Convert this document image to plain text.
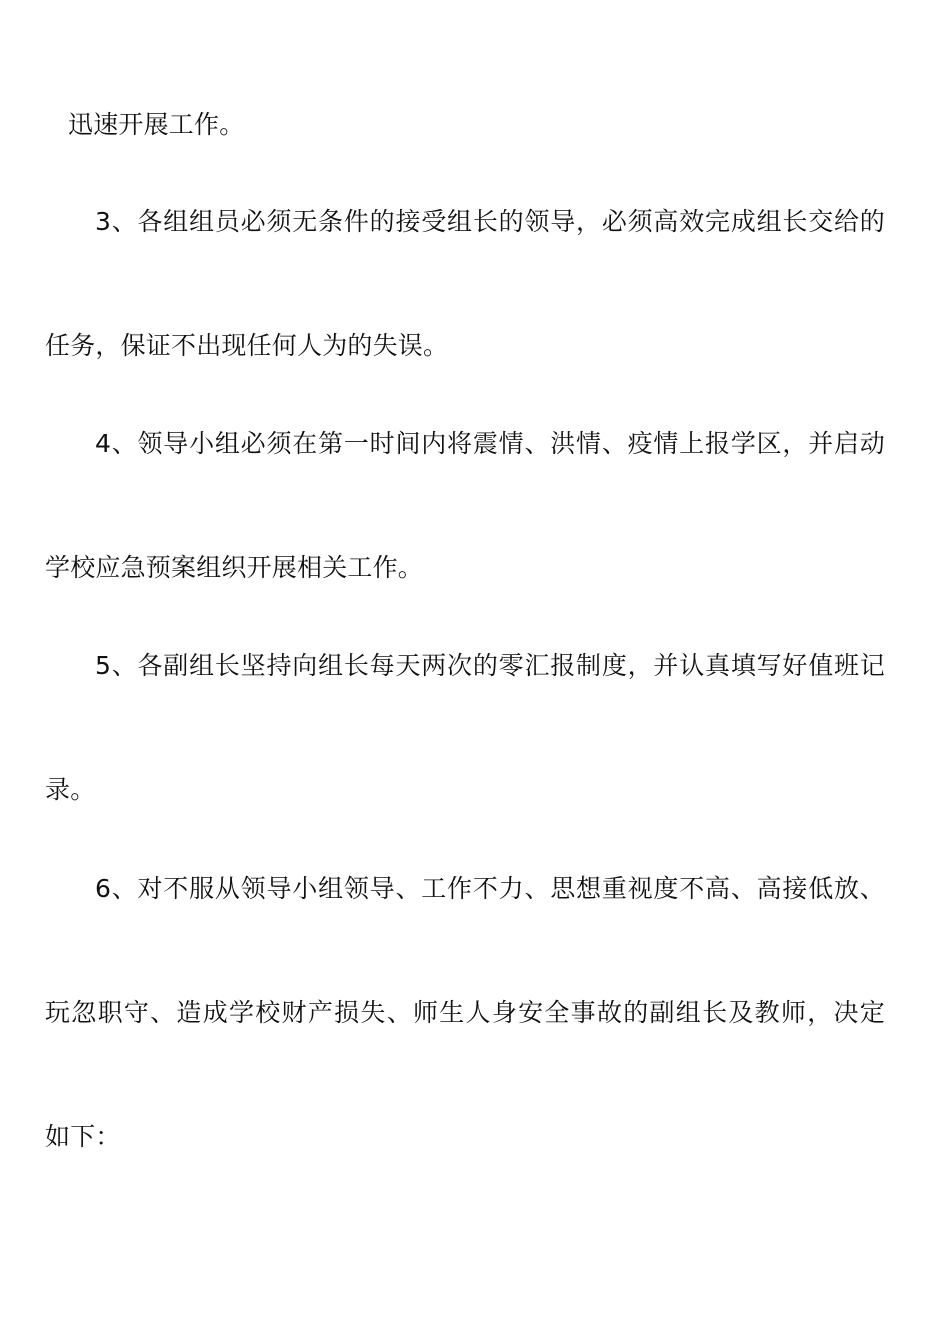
迅速开展工作。
3、各组组员必须无条件的接受组长的领导，必须高效完成组长交给的
任务，保证不出现任何人为的失误。
4、领导小组必须在第一时间内将震情、洪情、疫情上报学区，并启动
学校应急预案组织开展相关工作。
5、各副组长坚持向组长每天两次的零汇报制度，并认真填写好值班记
录。
6、对不服从领导小组领导、工作不力、思想重视度不高、高接低放、
玩忽职守、造成学校财产损失、师生人身安全事故的副组长及教师，决定
如下：
